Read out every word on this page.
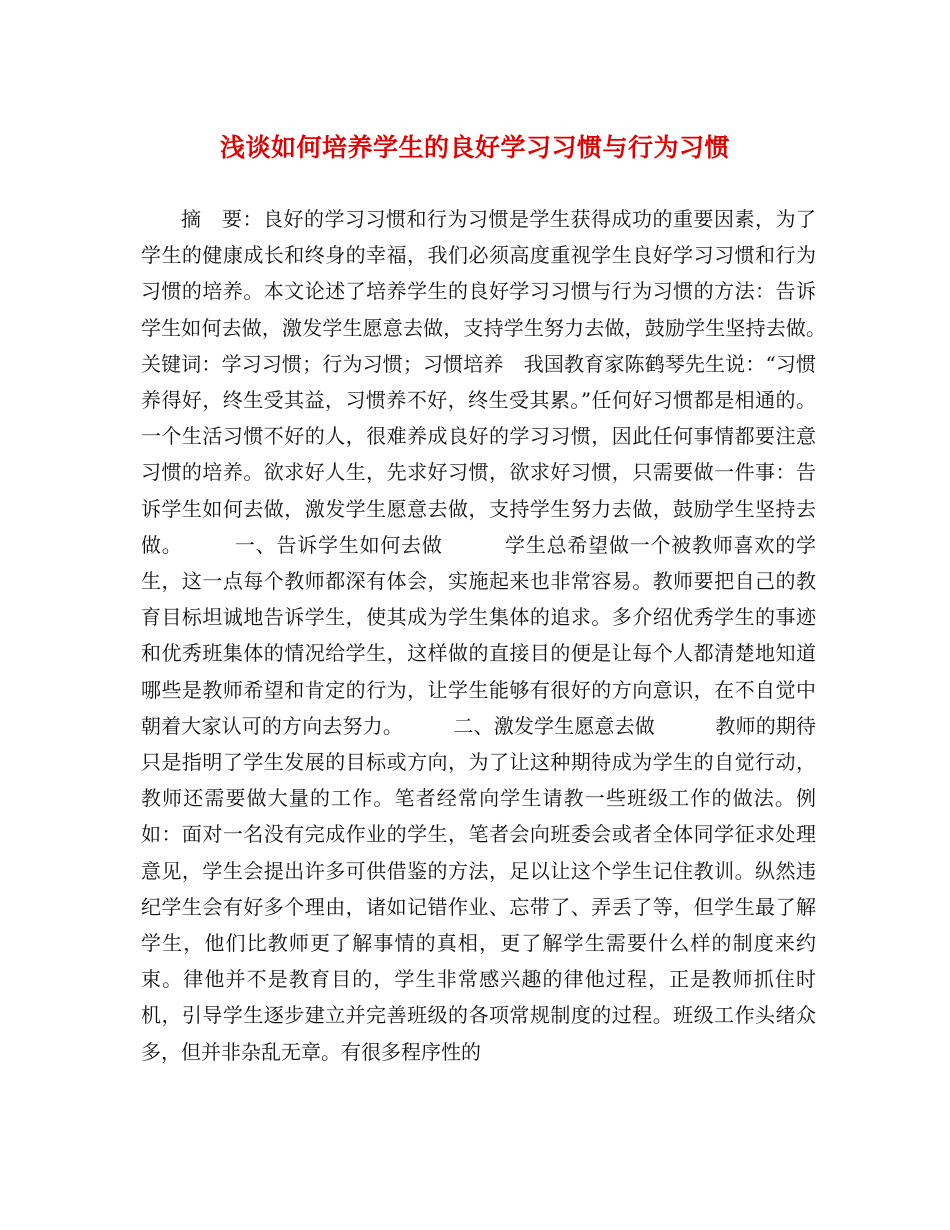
浅谈如何培养学生的良好学习习惯与行为习惯

摘　要：良好的学习习惯和行为习惯是学生获得成功的重要因素，为了学生的健康成长和终身的幸福，我们必须高度重视学生良好学习习惯和行为习惯的培养。本文论述了培养学生的良好学习习惯与行为习惯的方法：告诉学生如何去做，激发学生愿意去做，支持学生努力去做，鼓励学生坚持去做。　　　关键词：学习习惯；行为习惯；习惯培养　我国教育家陈鹤琴先生说：“习惯养得好，终生受其益，习惯养不好，终生受其累。”任何好习惯都是相通的。一个生活习惯不好的人，很难养成良好的学习习惯，因此任何事情都要注意习惯的培养。欲求好人生，先求好习惯，欲求好习惯，只需要做一件事：告诉学生如何去做，激发学生愿意去做，支持学生努力去做，鼓励学生坚持去做。　　　一、告诉学生如何去做　　　学生总希望做一个被教师喜欢的学生，这一点每个教师都深有体会，实施起来也非常容易。教师要把自己的教育目标坦诚地告诉学生，使其成为学生集体的追求。多介绍优秀学生的事迹和优秀班集体的情况给学生，这样做的直接目的便是让每个人都清楚地知道哪些是教师希望和肯定的行为，让学生能够有很好的方向意识，在不自觉中朝着大家认可的方向去努力。　　　二、激发学生愿意去做　　　教师的期待只是指明了学生发展的目标或方向，为了让这种期待成为学生的自觉行动，教师还需要做大量的工作。笔者经常向学生请教一些班级工作的做法。例如：面对一名没有完成作业的学生，笔者会向班委会或者全体同学征求处理意见，学生会提出许多可供借鉴的方法，足以让这个学生记住教训。纵然违纪学生会有好多个理由，诸如记错作业、忘带了、弄丢了等，但学生最了解学生，他们比教师更了解事情的真相，更了解学生需要什么样的制度来约束。律他并不是教育目的，学生非常感兴趣的律他过程，正是教师抓住时机，引导学生逐步建立并完善班级的各项常规制度的过程。班级工作头绪众多，但并非杂乱无章。有很多程序性的
